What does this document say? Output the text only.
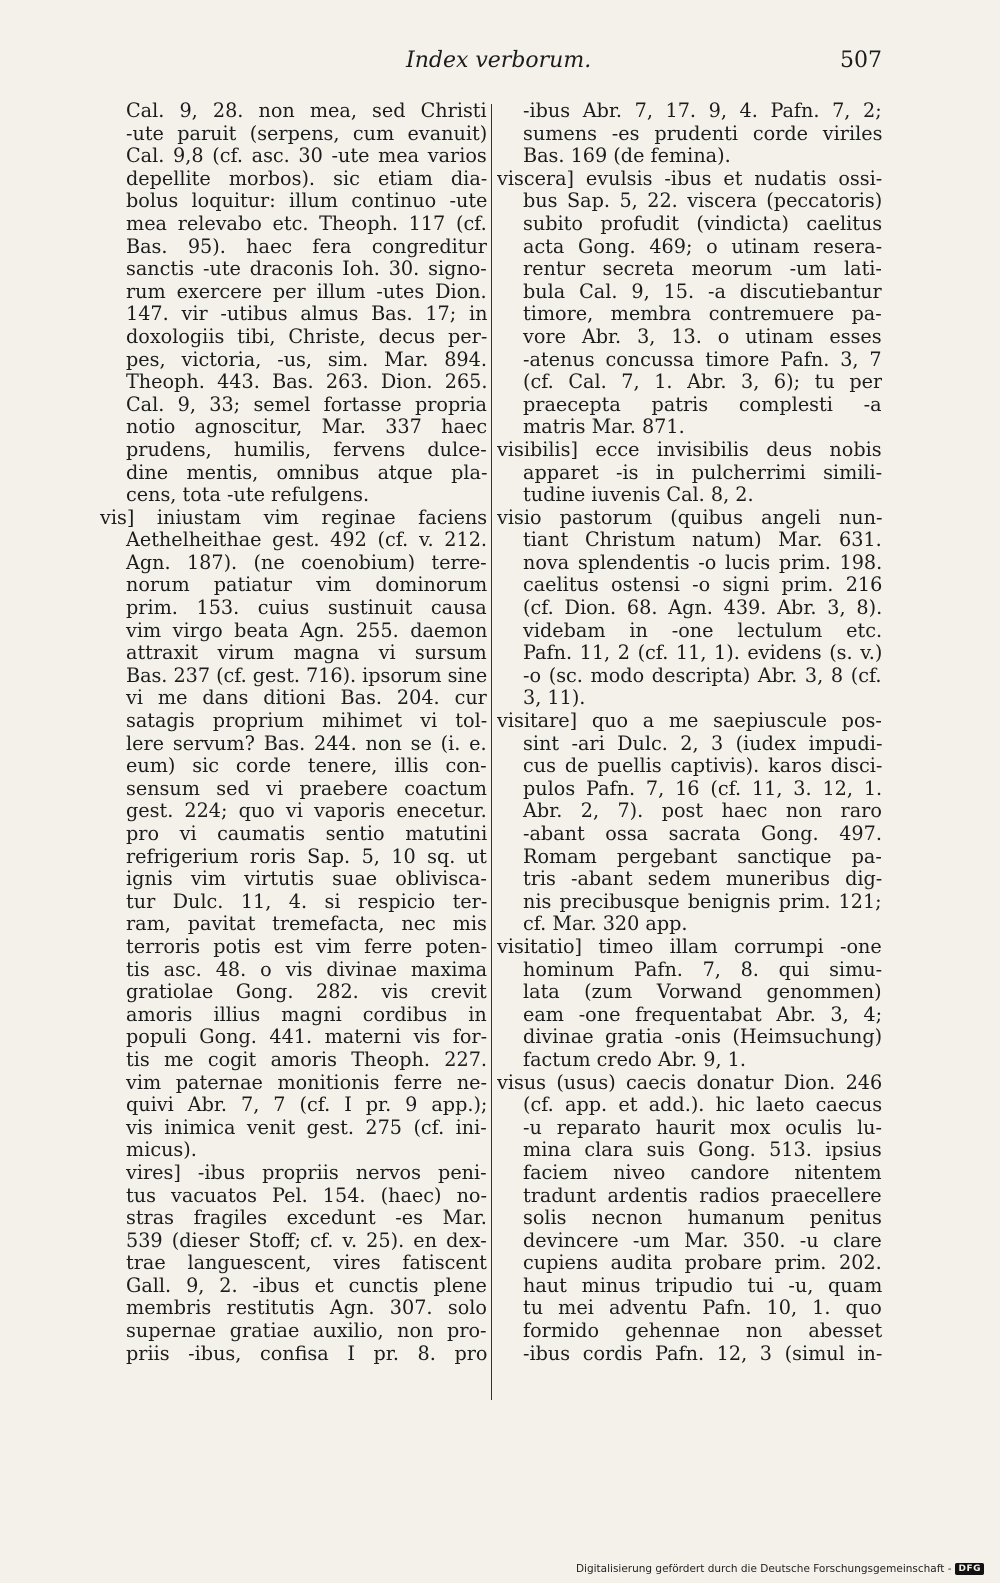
Index verborum.	507
Cal. 9, 28. non mea, sed Christi
-ute paruit (serpens, cum evanuit)
Cal. 9,8 (cf. asc. 30 -ute mea varios
depellite morbos). sic etiam dia-
bolus loquitur: illum continuo -ute
mea relevabo etc. Theoph. 117 (cf.
Bas. 95). haec fera congreditur
sanctis -ute draconis Ioh. 30. signo-
rum exercere per illum -utes Dion.
147. vir -utibus almus Bas. 17; in
doxologiis tibi, Christe, decus per-
pes, victoria, -us, sim. Mar. 894.
Theoph. 443. Bas. 263. Dion. 265.
Cal. 9, 33; semel fortasse propria
notio agnoscitur, Mar. 337 haec
prudens, humilis, fervens dulce-
dine mentis, omnibus atque pla-
cens, tota -ute refulgens.
vis] iniustam vim reginae faciens
Aethelheithae gest. 492 (cf. v. 212.
Agn. 187). (ne coenobium) terre-
norum patiatur vim dominorum
prim. 153. cuius sustinuit causa
vim virgo beata Agn. 255. daemon
attraxit virum magna vi sursum
Bas. 237 (cf. gest. 716). ipsorum sine
vi me dans ditioni Bas. 204. cur
satagis proprium mihimet vi tol-
lere servum? Bas. 244. non se (i. e.
eum) sic corde tenere, illis con-
sensum sed vi praebere coactum
gest. 224; quo vi vaporis enecetur.
pro vi caumatis sentio matutini
refrigerium roris Sap. 5, 10 sq. ut
ignis vim virtutis suae oblivisca-
tur Dulc. 11, 4. si respicio ter-
ram, pavitat tremefacta, nec mis
terroris potis est vim ferre poten-
tis asc. 48. o vis divinae maxima
gratiolae Gong. 282. vis crevit
amoris illius magni cordibus in
populi Gong. 441. materni vis for-
tis me cogit amoris Theoph. 227.
vim paternae monitionis ferre ne-
quivi Abr. 7, 7 (cf. I pr. 9 app.);
vis inimica venit gest. 275 (cf. ini-
micus).
vires] -ibus propriis nervos peni-
tus vacuatos Pel. 154. (haec) no-
stras fragiles excedunt -es Mar.
539 (dieser Stoff; cf. v. 25). en dex-
trae languescent, vires fatiscent
Gall. 9, 2. -ibus et cunctis plene
membris restitutis Agn. 307. solo
supernae gratiae auxilio, non pro-
priis -ibus, confisa I pr. 8. pro
-ibus Abr. 7, 17. 9, 4. Pafn. 7, 2;
sumens -es prudenti corde viriles
Bas. 169 (de femina).
viscera] evulsis -ibus et nudatis ossi-
bus Sap. 5, 22. viscera (peccatoris)
subito profudit (vindicta) caelitus
acta Gong. 469; o utinam resera-
rentur secreta meorum -um lati-
bula Cal. 9, 15. -a discutiebantur
timore, membra contremuere pa-
vore Abr. 3, 13. o utinam esses
-atenus concussa timore Pafn. 3, 7
(cf. Cal. 7, 1. Abr. 3, 6); tu per
praecepta patris complesti -a
matris Mar. 871.
visibilis] ecce invisibilis deus nobis
apparet -is in pulcherrimi simili-
tudine iuvenis Cal. 8, 2.
visio pastorum (quibus angeli nun-
tiant Christum natum) Mar. 631.
nova splendentis -o lucis prim. 198.
caelitus ostensi -o signi prim. 216
(cf. Dion. 68. Agn. 439. Abr. 3, 8).
videbam in -one lectulum etc.
Pafn. 11, 2 (cf. 11, 1). evidens (s. v.)
-o (sc. modo descripta) Abr. 3, 8 (cf.
3, 11).
visitare] quo a me saepiuscule pos-
sint -ari Dulc. 2, 3 (iudex impudi-
cus de puellis captivis). karos disci-
pulos Pafn. 7, 16 (cf. 11, 3. 12, 1.
Abr. 2, 7). post haec non raro
-abant ossa sacrata Gong. 497.
Romam pergebant sanctique pa-
tris -abant sedem muneribus dig-
nis precibusque benignis prim. 121;
cf. Mar. 320 app.
visitatio] timeo illam corrumpi -one
hominum Pafn. 7, 8. qui simu-
lata (zum Vorwand genommen)
eam -one frequentabat Abr. 3, 4;
divinae gratia -onis (Heimsuchung)
factum credo Abr. 9, 1.
visus (usus) caecis donatur Dion. 246
(cf. app. et add.). hic laeto caecus
-u reparato haurit mox oculis lu-
mina clara suis Gong. 513. ipsius
faciem niveo candore nitentem
tradunt ardentis radios praecellere
solis necnon humanum penitus
devincere -um Mar. 350. -u clare
cupiens audita probare prim. 202.
haut minus tripudio tui -u, quam
tu mei adventu Pafn. 10, 1. quo
formido gehennae non abesset
-ibus cordis Pafn. 12, 3 (simul in-
Digitalisierung gefördert durch die Deutsche Forschungsgemeinschaft - DFG
